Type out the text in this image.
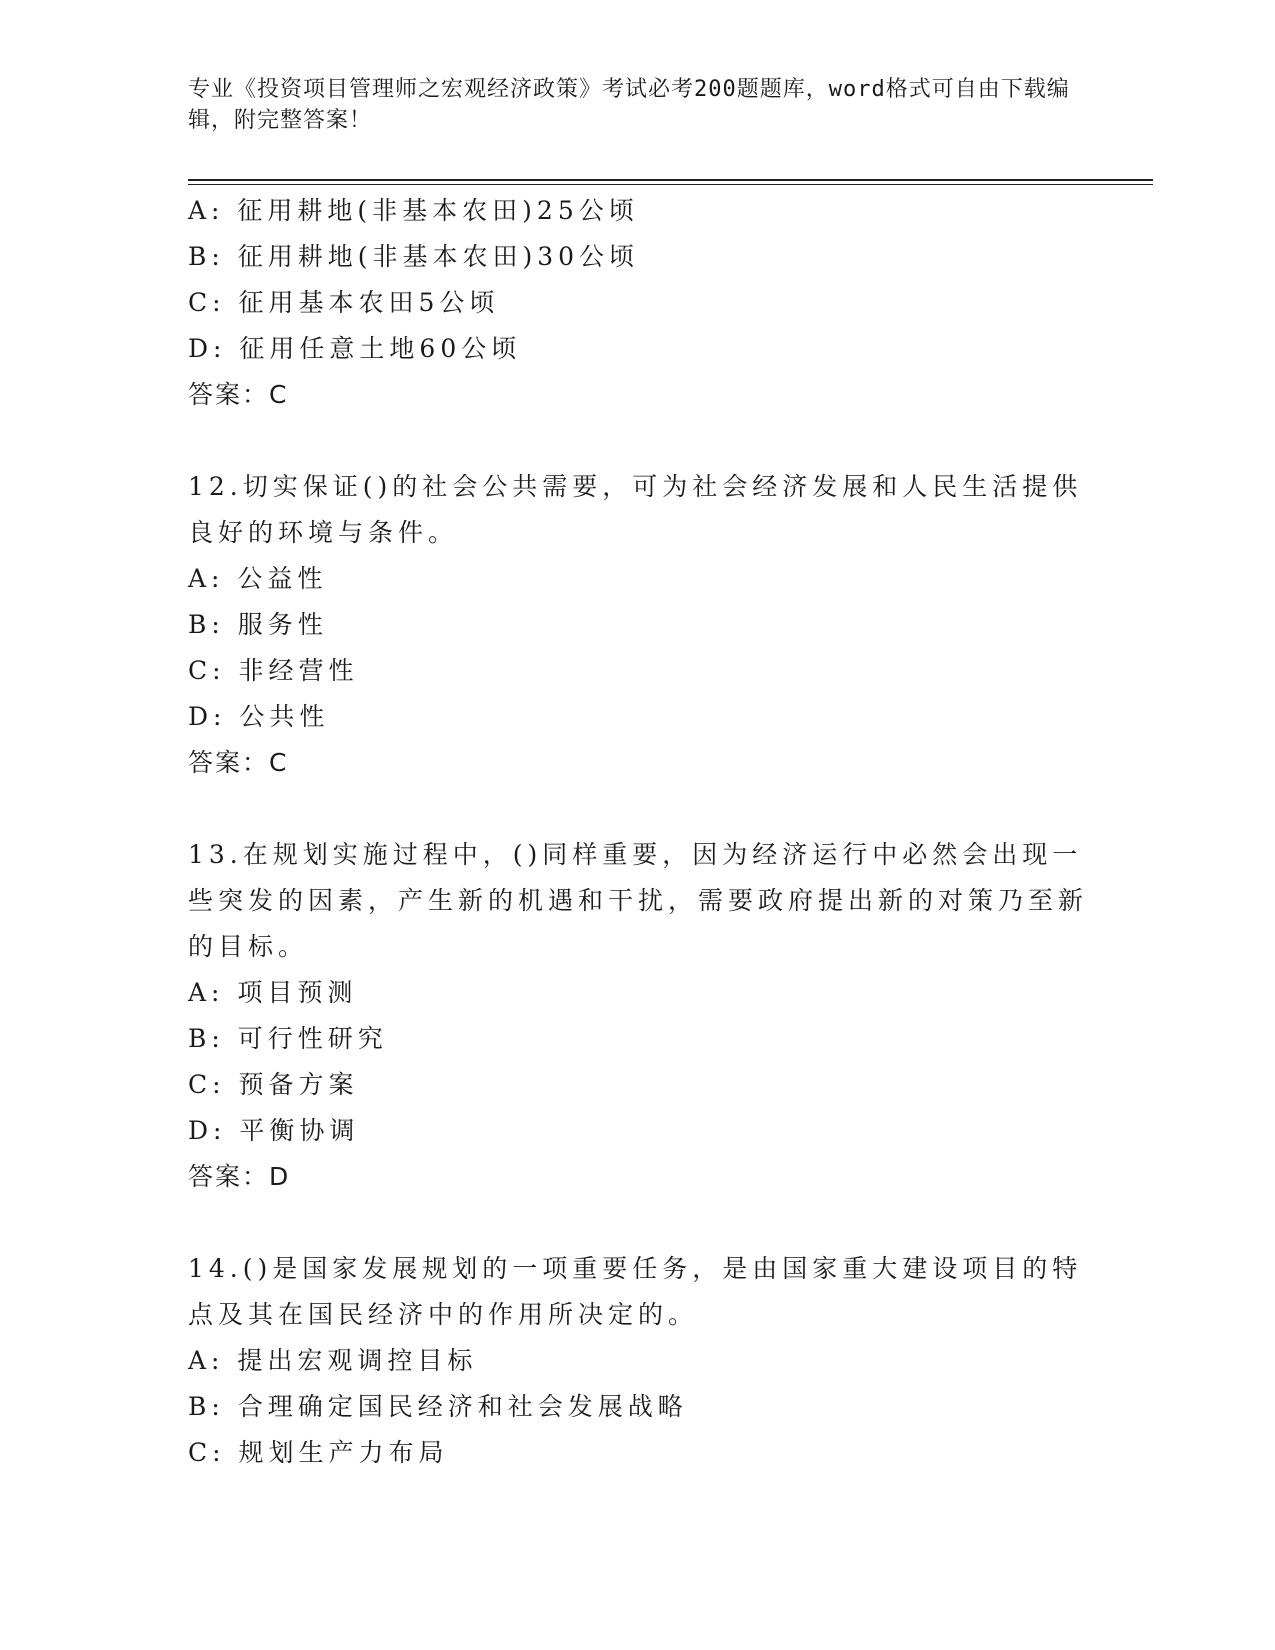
专业《投资项目管理师之宏观经济政策》考试必考200题题库，word格式可自由下载编辑，附完整答案！
A: 征用耕地(非基本农田)25公顷
B: 征用耕地(非基本农田)30公顷
C: 征用基本农田5公顷
D: 征用任意土地60公顷
答案：C
12.切实保证()的社会公共需要，可为社会经济发展和人民生活提供良好的环境与条件。
A: 公益性
B: 服务性
C: 非经营性
D: 公共性
答案：C
13.在规划实施过程中，()同样重要，因为经济运行中必然会出现一些突发的因素，产生新的机遇和干扰，需要政府提出新的对策乃至新的目标。
A: 项目预测
B: 可行性研究
C: 预备方案
D: 平衡协调
答案：D
14.()是国家发展规划的一项重要任务，是由国家重大建设项目的特点及其在国民经济中的作用所决定的。
A: 提出宏观调控目标
B: 合理确定国民经济和社会发展战略
C: 规划生产力布局
